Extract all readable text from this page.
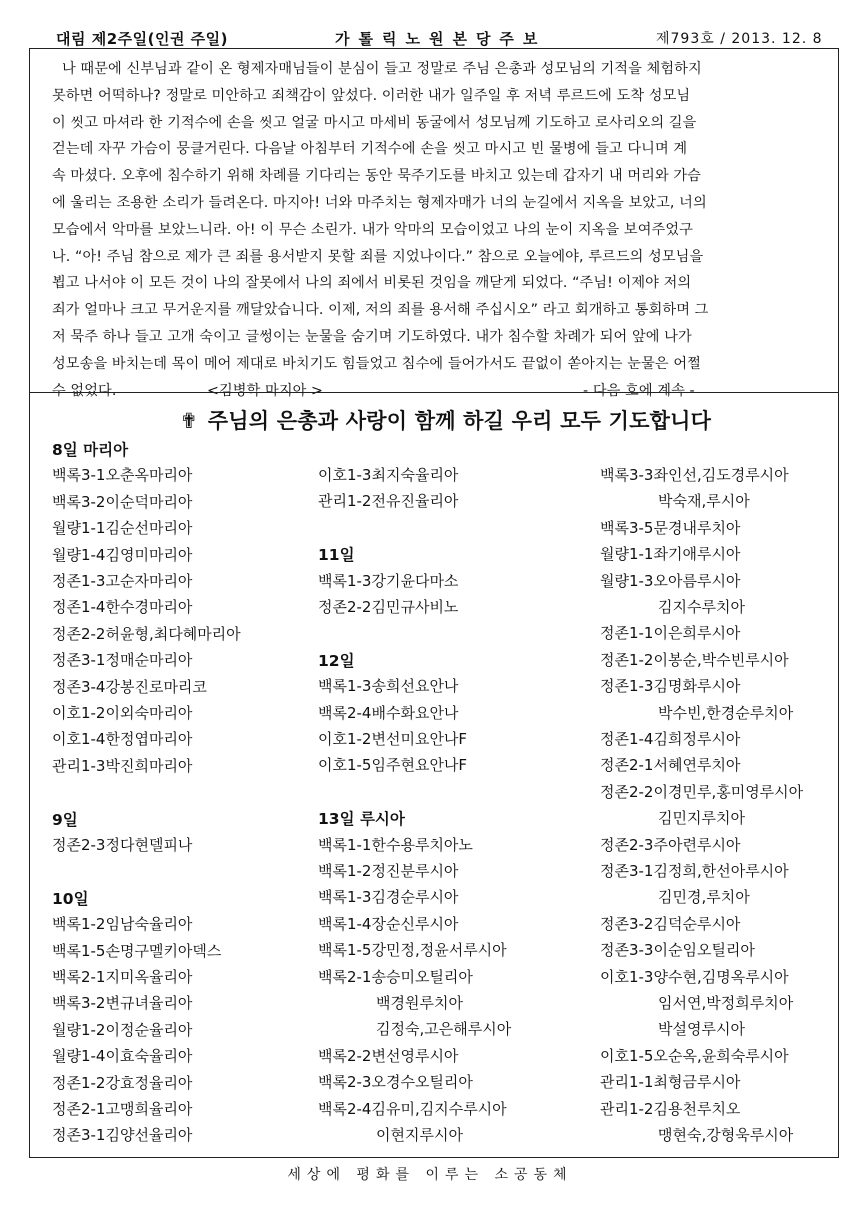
대림 제2주일(인권 주일)	가톨릭노원본당주보	제793호 / 2013. 12. 8
나 때문에 신부님과 같이 온 형제자매님들이 분심이 들고 정말로 주님 은총과 성모님의 기적을 체험하지
못하면 어떡하나? 정말로 미안하고 죄책감이 앞섰다. 이러한 내가 일주일 후 저녁 루르드에 도착 성모님
이 씻고 마셔라 한 기적수에 손을 씻고 얼굴 마시고 마세비 동굴에서 성모님께 기도하고 로사리오의 길을
걷는데 자꾸 가슴이 뭉클거린다. 다음날 아침부터 기적수에 손을 씻고 마시고 빈 물병에 들고 다니며 계
속 마셨다. 오후에 침수하기 위해 차례를 기다리는 동안 묵주기도를 바치고 있는데 갑자기 내 머리와 가슴
에 울리는 조용한 소리가 들려온다. 마지아! 너와 마주치는 형제자매가 너의 눈길에서 지옥을 보았고, 너의
모습에서 악마를 보았느니라. 아! 이 무슨 소린가. 내가 악마의 모습이었고 나의 눈이 지옥을 보여주었구
나. “아! 주님 참으로 제가 큰 죄를 용서받지 못할 죄를 지었나이다.” 참으로 오늘에야, 루르드의 성모님을
뵙고 나서야 이 모든 것이 나의 잘못에서 나의 죄에서 비롯된 것임을 깨닫게 되었다. “주님! 이제야 저의
죄가 얼마나 크고 무거운지를 깨달았습니다. 이제, 저의 죄를 용서해 주십시오” 라고 회개하고 통회하며 그
저 묵주 하나 들고 고개 숙이고 글썽이는 눈물을 숨기며 기도하였다. 내가 침수할 차례가 되어 앞에 나가
성모송을 바치는데 목이 메어 제대로 바치기도 힘들었고 침수에 들어가서도 끝없이 쏟아지는 눈물은 어쩔
수 없었다.	<김병학 마지아 >	- 다음 호에 계속 -
✟ 주님의 은총과 사랑이 함께 하길 우리 모두 기도합니다
8일 마리아
백록3-1오춘옥마리아
백록3-2이순덕마리아
월량1-1김순선마리아
월량1-4김영미마리아
정존1-3고순자마리아
정존1-4한수경마리아
정존2-2허윤형,최다혜마리아
정존3-1정매순마리아
정존3-4강봉진로마리코
이호1-2이외숙마리아
이호1-4한정엽마리아
관리1-3박진희마리아
9일
정존2-3정다현델피나
10일
백록1-2임남숙율리아
백록1-5손명구멜키아덱스
백록2-1지미옥율리아
백록3-2변규녀율리아
월량1-2이정순율리아
월량1-4이효숙율리아
정존1-2강효정율리아
정존2-1고맹희율리아
정존3-1김양선율리아
이호1-3최지숙율리아
관리1-2전유진율리아
11일
백록1-3강기윤다마소
정존2-2김민규사비노
12일
백록1-3송희선요안나
백록2-4배수화요안나
이호1-2변선미요안나F
이호1-5임주현요안나F
13일 루시아
백록1-1한수용루치아노
백록1-2정진분루시아
백록1-3김경순루시아
백록1-4장순신루시아
백록1-5강민정,정윤서루시아
백록2-1송승미오틸리아
백경원루치아
김정숙,고은해루시아
백록2-2변선영루시아
백록2-3오경수오틸리아
백록2-4김유미,김지수루시아
이현지루시아
백록3-3좌인선,김도경루시아
박숙재,루시아
백록3-5문경내루치아
월량1-1좌기애루시아
월량1-3오아름루시아
김지수루치아
정존1-1이은희루시아
정존1-2이봉순,박수빈루시아
정존1-3김명화루시아
박수빈,한경순루치아
정존1-4김희정루시아
정존2-1서혜연루치아
정존2-2이경민루,홍미영루시아
김민지루치아
정존2-3주아련루시아
정존3-1김정희,한선아루시아
김민경,루치아
정존3-2김덕순루시아
정존3-3이순임오틸리아
이호1-3양수현,김명옥루시아
임서연,박정희루치아
박설영루시아
이호1-5오순옥,윤희숙루시아
관리1-1최형금루시아
관리1-2김용천루치오
맹현숙,강형욱루시아
세상에 평화를 이루는 소공동체
